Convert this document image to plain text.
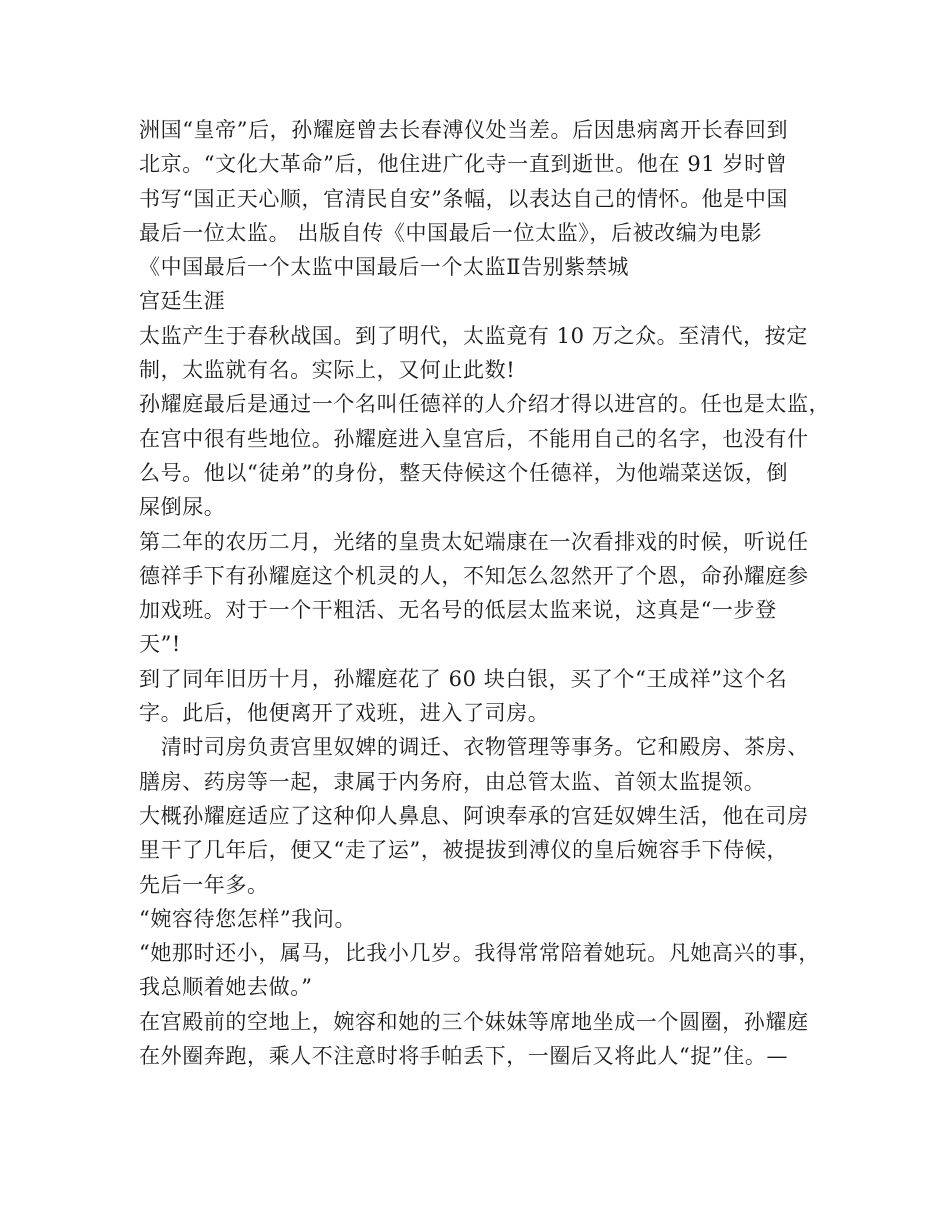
洲国“皇帝”后，孙耀庭曾去长春溥仪处当差。后因患病离开长春回到
北京。“文化大革命”后，他住进广化寺一直到逝世。他在 91 岁时曾
书写“国正天心顺，官清民自安”条幅，以表达自己的情怀。他是中国
最后一位太监。 出版自传《中国最后一位太监》，后被改编为电影
《中国最后一个太监中国最后一个太监Ⅱ告别紫禁城
宫廷生涯
太监产生于春秋战国。到了明代，太监竟有 10 万之众。至清代，按定
制，太监就有名。实际上，又何止此数!
孙耀庭最后是通过一个名叫任德祥的人介绍才得以进宫的。任也是太监，
在宫中很有些地位。孙耀庭进入皇宫后，不能用自己的名字，也没有什
么号。他以“徒弟”的身份，整天侍候这个任德祥，为他端菜送饭，倒
屎倒尿。
第二年的农历二月，光绪的皇贵太妃端康在一次看排戏的时候，听说任
德祥手下有孙耀庭这个机灵的人，不知怎么忽然开了个恩，命孙耀庭参
加戏班。对于一个干粗活、无名号的低层太监来说，这真是“一步登
天”!
到了同年旧历十月，孙耀庭花了 60 块白银，买了个“王成祥”这个名
字。此后，他便离开了戏班，进入了司房。
清时司房负责宫里奴婢的调迁、衣物管理等事务。它和殿房、茶房、
膳房、药房等一起，隶属于内务府，由总管太监、首领太监提领。
大概孙耀庭适应了这种仰人鼻息、阿谀奉承的宫廷奴婢生活，他在司房
里干了几年后，便又“走了运”，被提拔到溥仪的皇后婉容手下侍候，
先后一年多。
“婉容待您怎样”我问。
“她那时还小，属马，比我小几岁。我得常常陪着她玩。凡她高兴的事，
我总顺着她去做。”
在宫殿前的空地上，婉容和她的三个妹妹等席地坐成一个圆圈，孙耀庭
在外圈奔跑，乘人不注意时将手帕丢下，一圈后又将此人“捉”住。—
